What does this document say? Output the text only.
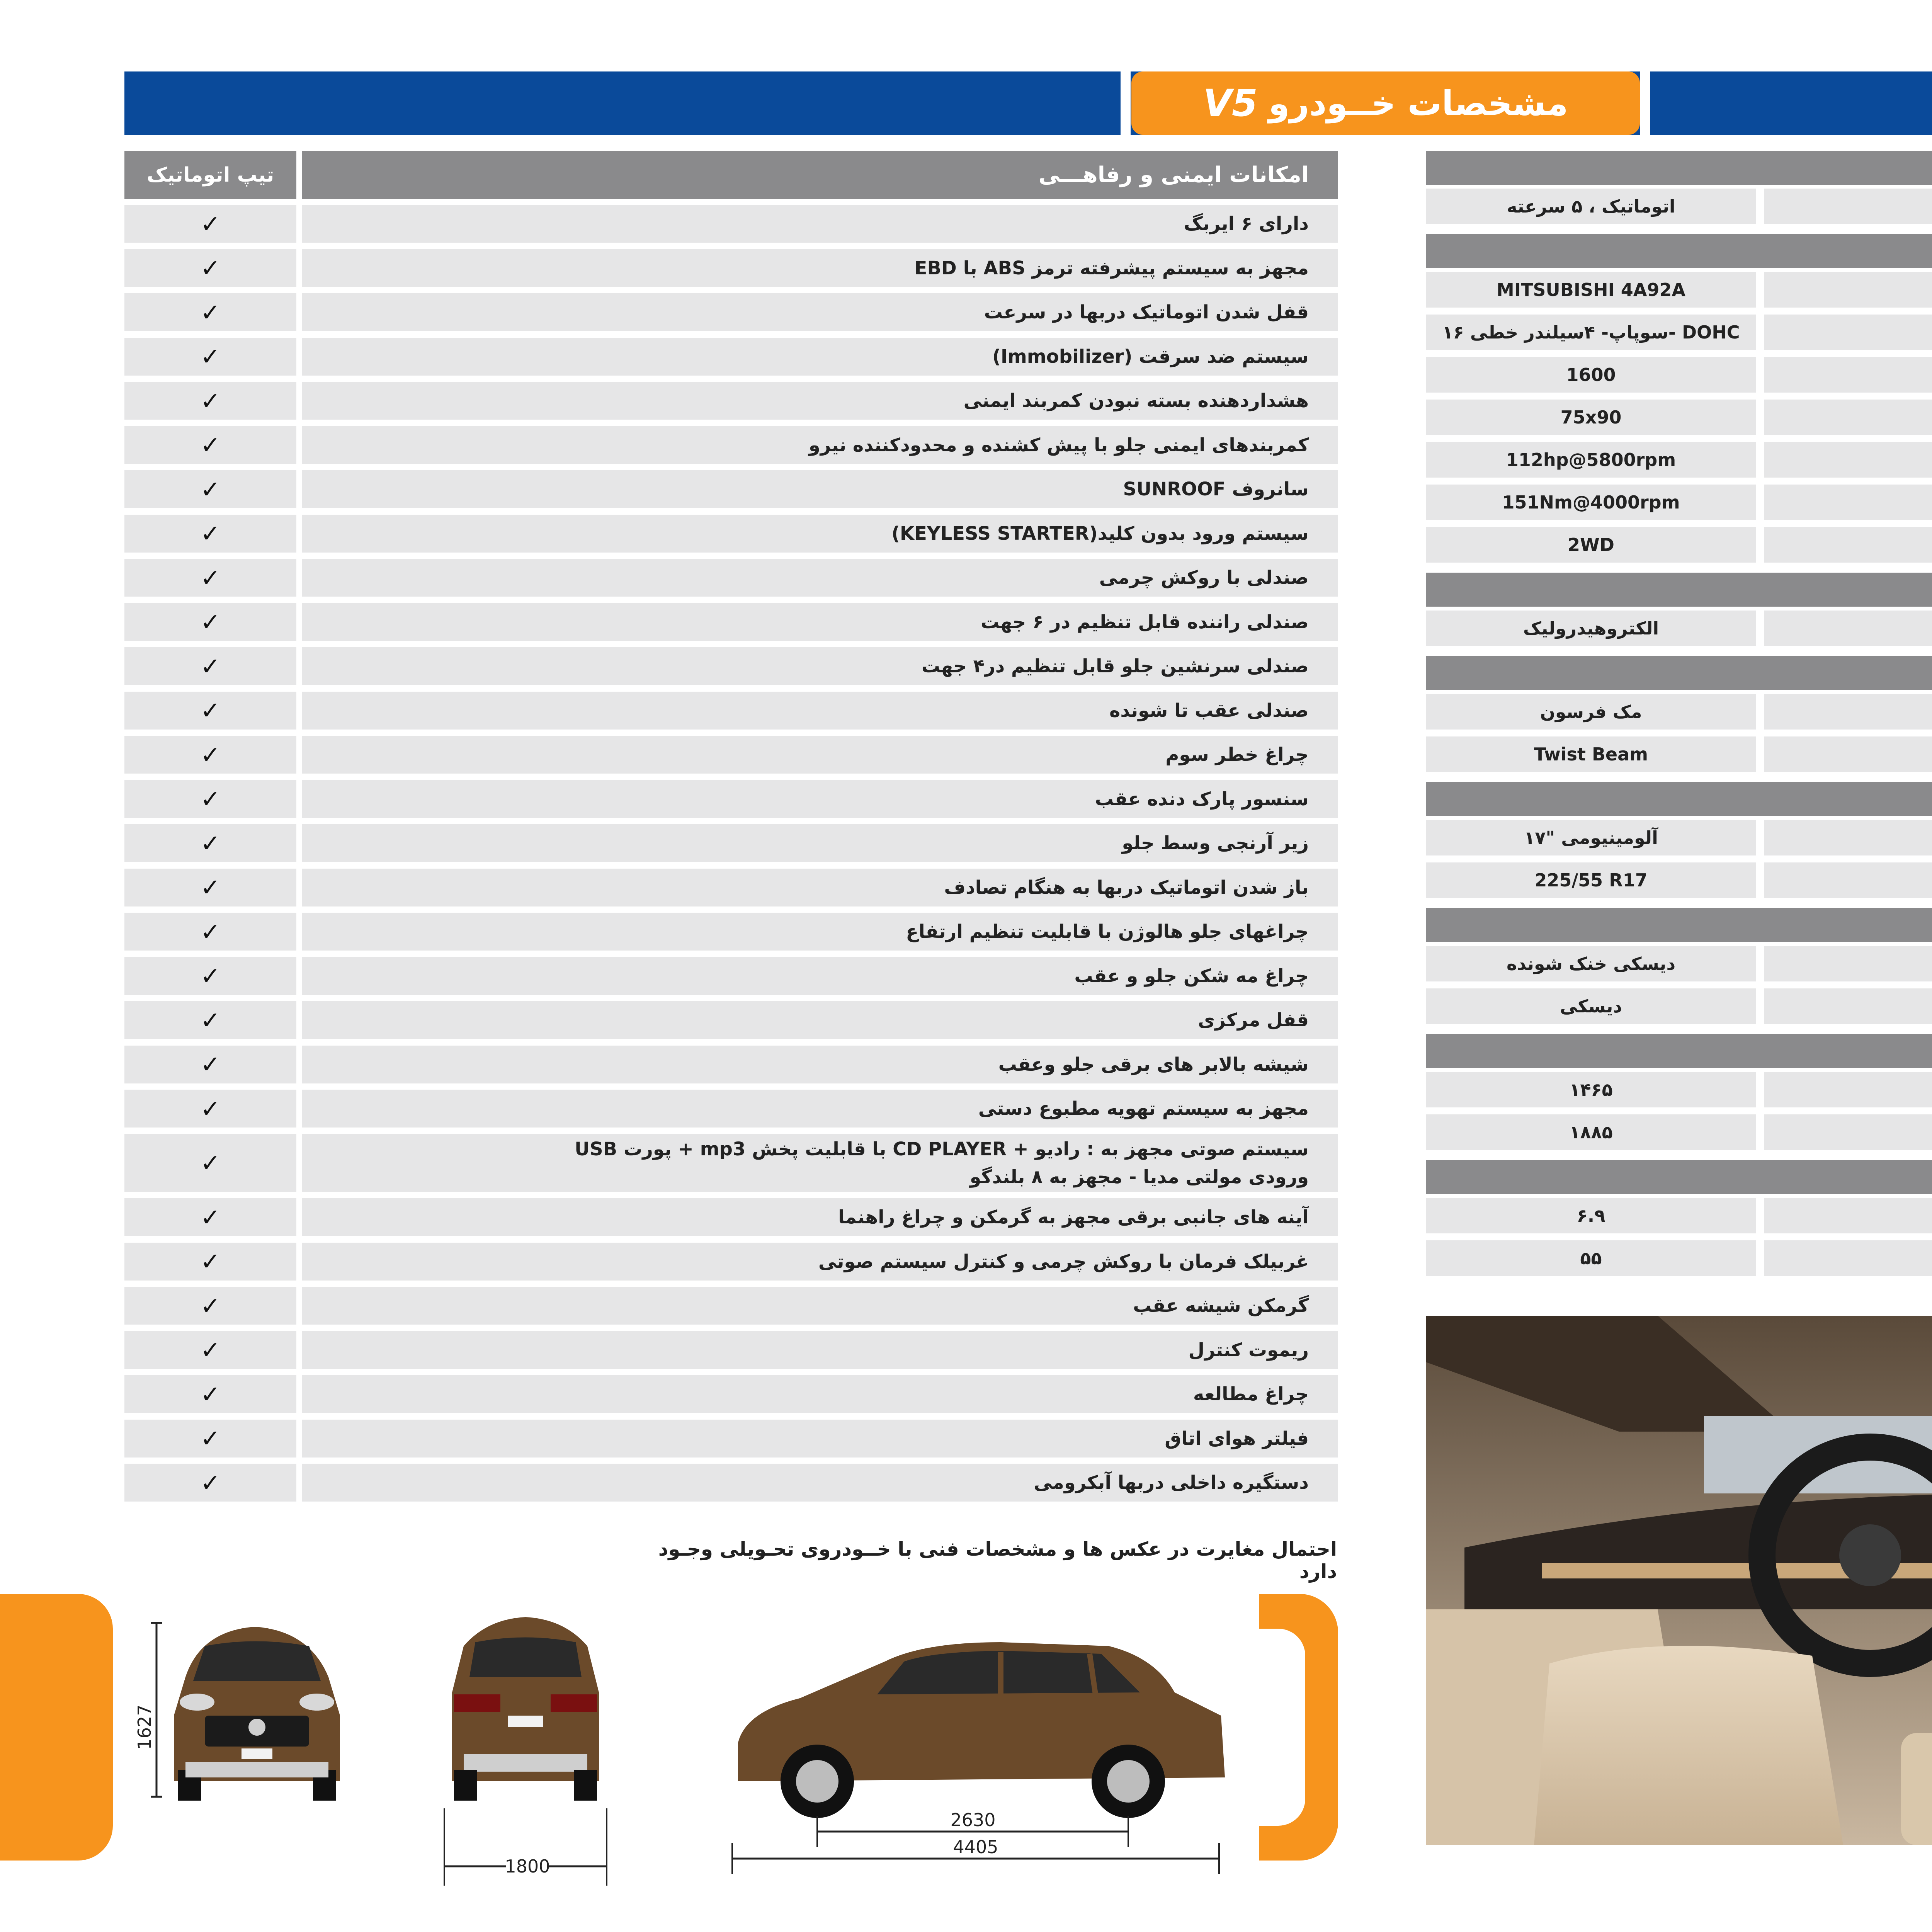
مشخصات خــودرو
V5
تیپ اتوماتیک	امکانات ایمنی و رفاهـــی
✓	دارای ۶ ایربگ
✓	مجهز به سیستم پیشرفته ترمز ABS با EBD
✓	قفل شدن اتوماتیک دربها در سرعت
✓	سیستم ضد سرقت (Immobilizer)
✓	هشداردهنده بسته نبودن کمربند ایمنی
✓	کمربندهای ایمنی جلو با پیش کشنده و محدودکننده نیرو
✓	سانروف SUNROOF
✓	سیستم ورود بدون کلید(KEYLESS STARTER)
✓	صندلی با روکش چرمی
✓	صندلی راننده قابل تنظیم در ۶ جهت
✓	صندلی سرنشین جلو قابل تنظیم در۴ جهت
✓	صندلی عقب تا شونده
✓	چراغ خطر سوم
✓	سنسور پارک دنده عقب
✓	زیر آرنجی وسط جلو
✓	باز شدن اتوماتیک دربها به هنگام تصادف
✓	چراغهای جلو هالوژن با قابلیت تنظیم ارتفاع
✓	چراغ مه شکن جلو و عقب
✓	قفل مرکزی
✓	شیشه بالابر های برقی جلو وعقب
✓	مجهز به سیستم تهویه مطبوع دستی
✓	سیستم صوتی مجهز به : رادیو + CD PLAYER با قابلیت پخش mp3 + پورت USB
ورودی مولتی مدیا - مجهز به ۸ بلندگو
✓	آینه های جانبی برقی مجهز به گرمکن و چراغ راهنما
✓	غربیلک فرمان با روکش چرمی و کنترل سیستم صوتی
✓	گرمکن شیشه عقب
✓	ریموت کنترل
✓	چراغ مطالعه
✓	فیلتر هوای اتاق
✓	دستگیره داخلی دربها آبکرومی
اتوماتیک ، ۵ سرعته
MITSUBISHI 4A92A
۱۶ سوپاپ- ۴سیلندر خطی- DOHC
1600
75x90
112hp@5800rpm
151Nm@4000rpm
2WD
الکتروهیدرولیک
مک فرسون
Twist Beam
۱۷" آلومینیومی
225/55 R17
دیسکی خنک شونده
دیسکی
۱۴۶۵
۱۸۸۵
۶.۹
۵۵
احتمال مغایرت در عکس ها و مشخصات فنی با خــودروی تحـویلی وجـود دارد
1627
1800
2630
4405
